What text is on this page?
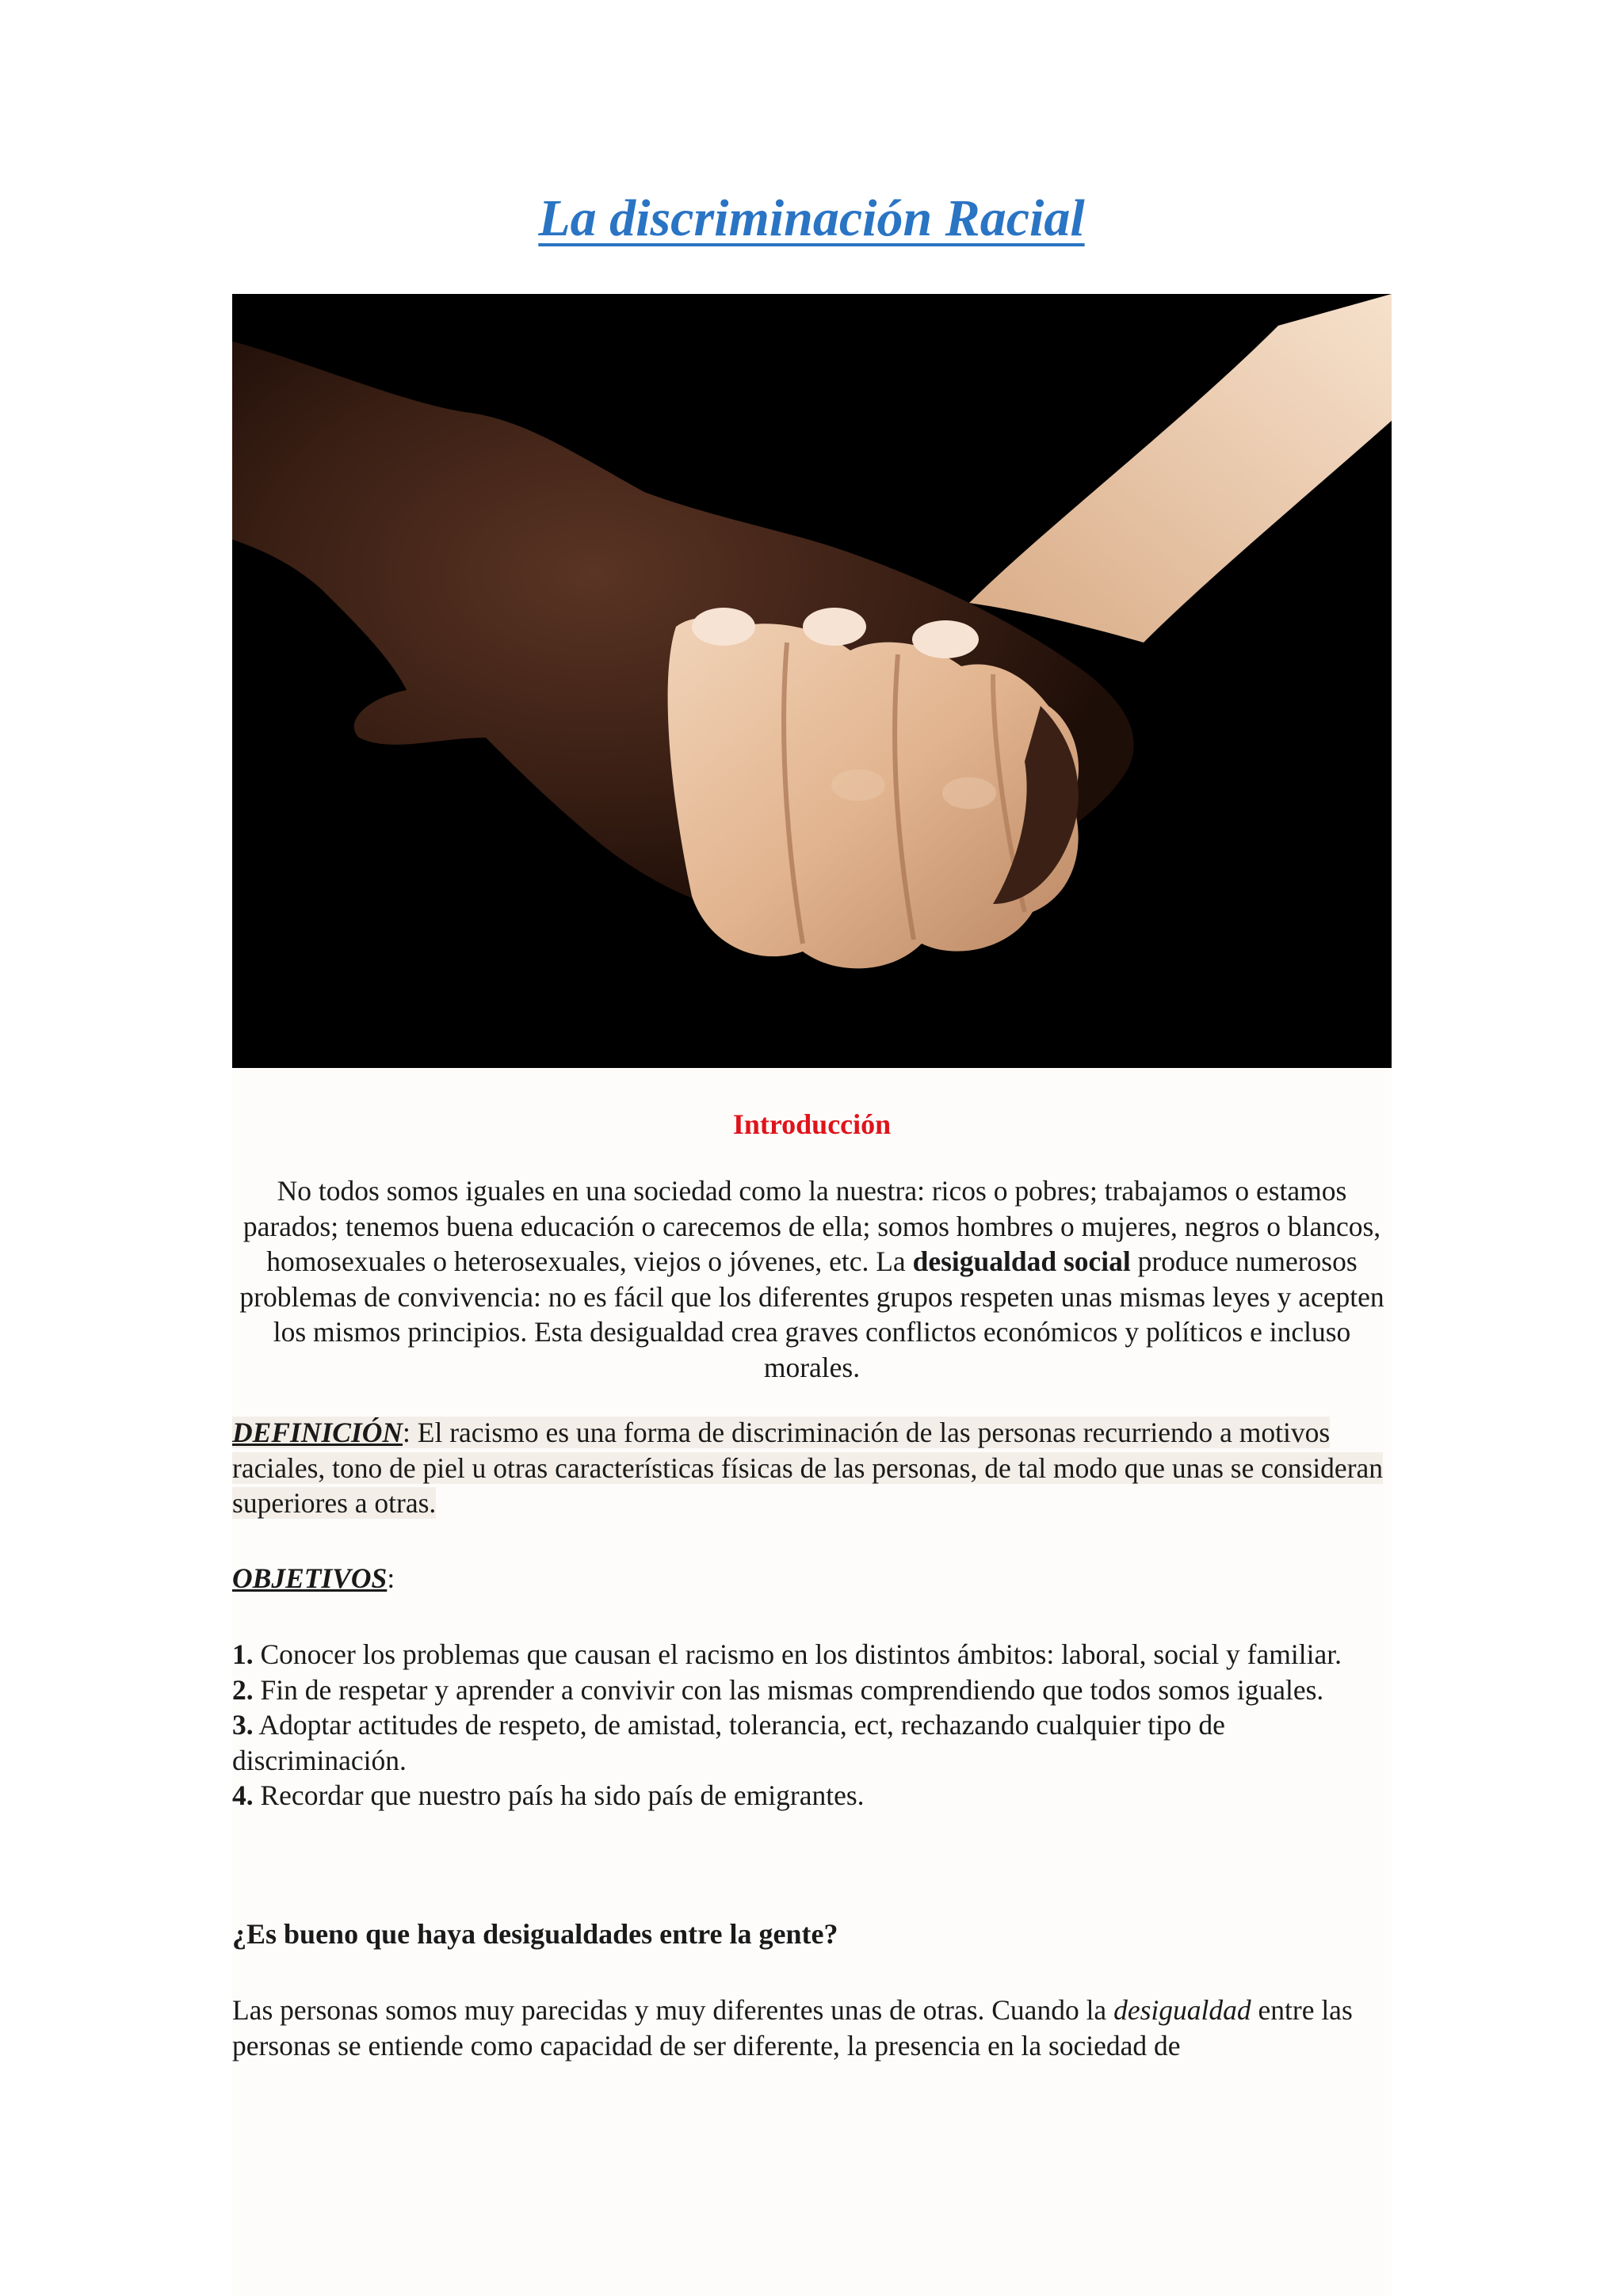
La discriminación Racial
Introducción
No todos somos iguales en una sociedad como la nuestra: ricos o pobres; trabajamos o estamos parados; tenemos buena educación o carecemos de ella; somos hombres o mujeres, negros o blancos, homosexuales o heterosexuales, viejos o jóvenes, etc. La desigualdad social produce numerosos problemas de convivencia: no es fácil que los diferentes grupos respeten unas mismas leyes y acepten los mismos principios. Esta desigualdad crea graves conflictos económicos y políticos e incluso morales.
DEFINICIÓN: El racismo es una forma de discriminación de las personas recurriendo a motivos raciales, tono de piel u otras características físicas de las personas, de tal modo que unas se consideran superiores a otras.
OBJETIVOS:

1. Conocer los problemas que causan el racismo en los distintos ámbitos: laboral, social y familiar.

2. Fin de respetar y aprender a convivir con las mismas comprendiendo que todos somos iguales.

3. Adoptar actitudes de respeto, de amistad, tolerancia, ect, rechazando cualquier tipo de discriminación.

4. Recordar que nuestro país ha sido país de emigrantes.

¿Es bueno que haya desigualdades entre la gente?
Las personas somos muy parecidas y muy diferentes unas de otras. Cuando la desigualdad entre las personas se entiende como capacidad de ser diferente, la presencia en la sociedad de
